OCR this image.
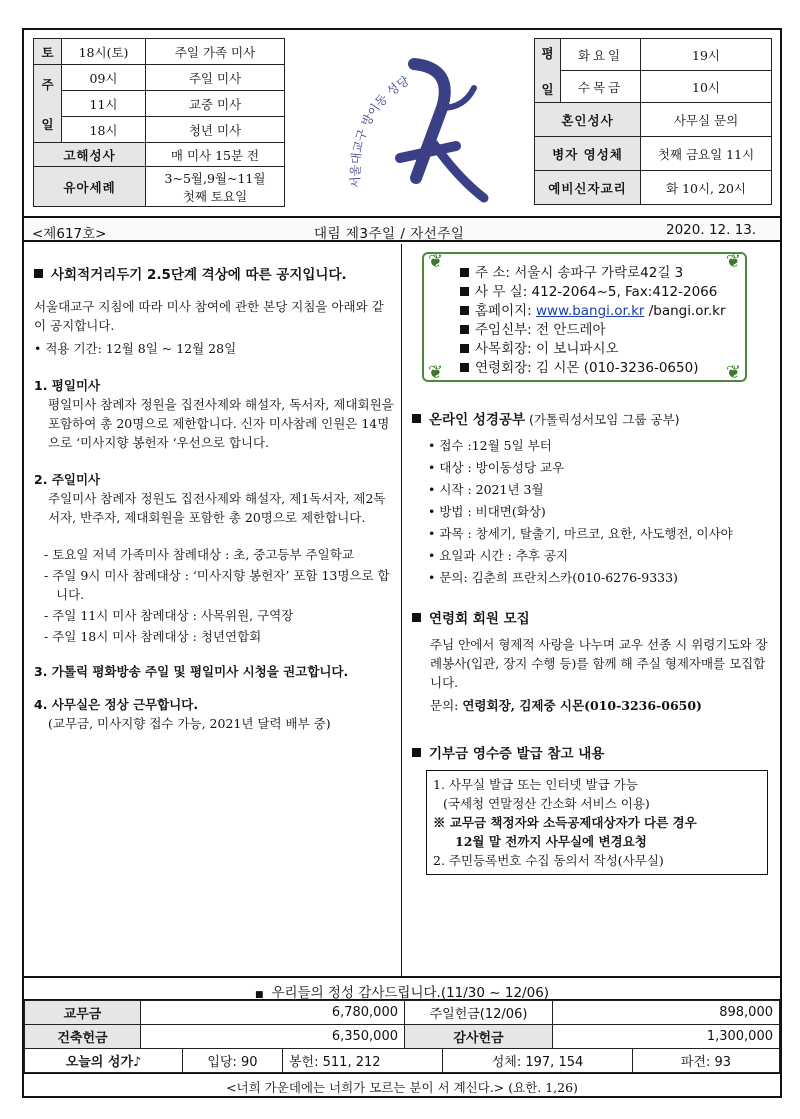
토	18시(토)	주일 가족 미사

주
일	09시	주일 미사
	11시	교중 미사
	18시	청년 미사
고해성사		매 미사 15분 전
유아세례		3~5월,9월~11월
첫째 토요일
서울대교구 방이동 성당
평
일	화요일	19시
	수목금	10시
혼인성사		사무실 문의
병자 영성체		첫째 금요일 11시
예비신자교리		화 10시, 20시
<제617호>	대림 제3주일 / 자선주일	2020. 12. 13.
사회적거리두기 2.5단계 격상에 따른 공지입니다.

서울대교구 지침에 따라 미사 참여에 관한 본당 지침을 아래와 같이 공지합니다.

• 적용 기간: 12월 8일 ~ 12월 28일

1. 평일미사

평일미사 참례자 정원을 집전사제와 해설자, 독서자, 제대회원을 포함하여 총 20명으로 제한합니다. 신자 미사참례 인원은 14명으로 ‘미사지향 봉헌자 ‘우선으로 합니다.

2. 주일미사

주일미사 참례자 정원도 집전사제와 해설자, 제1독서자, 제2독서자, 반주자, 제대회원을 포함한 총 20명으로 제한합니다.

- 토요일 저녁 가족미사 참례대상 : 초, 중고등부 주일학교
- 주일 9시 미사 참례대상 : ‘미사지향 봉헌자’ 포함 13명으로 합니다.
- 주일 11시 미사 참례대상 : 사목위원, 구역장
- 주일 18시 미사 참례대상 : 청년연합회
3. 가톨릭 평화방송 주일 및 평일미사 시청을 권고합니다.
4. 사무실은 정상 근무합니다.

(교무금, 미사지향 접수 가능, 2021년 달력 배부 중)

❦	❦
❦	❦
주 소: 서울시 송파구 가락로42길 3
사 무 실: 412-2064~5, Fax:412-2066
홈페이지: www.bangi.or.kr /bangi.or.kr
주임신부: 전 안드레아
사목회장: 이 보니파시오
연령회장: 김 시몬 (010-3236-0650)
온라인 성경공부 (가톨릭성서모임 그룹 공부)
• 접수 :12월 5일 부터
• 대상 : 방이동성당 교우
• 시작 : 2021년 3월
• 방법 : 비대면(화상)
• 과목 : 창세기, 탈출기, 마르코, 요한, 사도행전, 이사야
• 요일과 시간 : 추후 공지
• 문의: 김춘희 프란치스카(010-6276-9333)
연령회 회원 모집

주님 안에서 형제적 사랑을 나누며 교우 선종 시 위령기도와 장례봉사(입관, 장지 수행 등)를 함께 해 주실 형제자매를 모집합니다.

문의: 연령회장, 김제중 시몬(010-3236-0650)

기부금 영수증 발급 참고 내용
1. 사무실 발급 또는 인터넷 발급 가능
(국세청 연말정산 간소화 서비스 이용)
※ 교무금 책정자와 소득공제대상자가 다른 경우
12월 말 전까지 사무실에 변경요청
2. 주민등록번호 수집 동의서 작성(사무실)
■ 우리들의 정성 감사드립니다.(11/30 ~ 12/06)
교무금	6,780,000	주일헌금(12/06)	898,000
건축헌금	6,350,000	감사헌금	1,300,000
오늘의 성가♪	입당: 90	봉헌: 511, 212	성체: 197, 154	파견: 93
<너희 가운데에는 너희가 모르는 분이 서 계신다.> (요한. 1,26)
